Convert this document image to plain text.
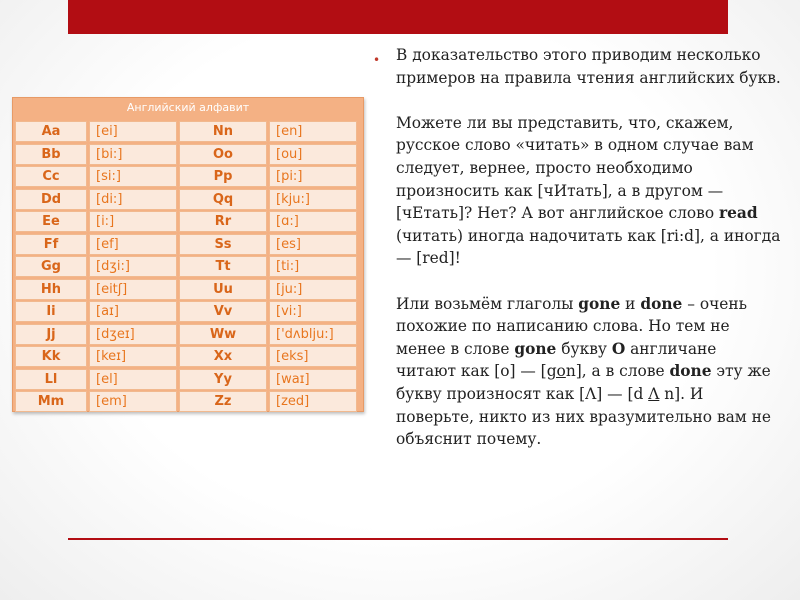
Английский алфавит
Aa	[ei]	Nn	[en]
Bb	[bi:]	Oo	[ou]
Cc	[si:]	Pp	[pi:]
Dd	[di:]	Qq	[kju:]
Ee	[i:]	Rr	[ɑ:]
Ff	[ef]	Ss	[es]
Gg	[dʒi:]	Tt	[ti:]
Hh	[eitʃ]	Uu	[ju:]
Ii	[aɪ]	Vv	[vi:]
Jj	[dʒeɪ]	Ww	['dʌblju:]
Kk	[keɪ]	Xx	[eks]
Ll	[el]	Yy	[waɪ]
Mm	[em]	Zz	[zed]
• В доказательство этого приводим несколько примеров на правила чтения английских букв.

Можете ли вы представить, что, скажем, русское слово «читать» в одном случае вам следует, вернее, просто необходимо произносить как [чИтать], а в другом — [чЕтать]? Нет? А вот английское слово read (читать) иногда надочитать как [ri:d], а иногда — [red]!

Или возьмём глаголы gone и done – очень похожие по написанию слова. Но тем не менее в слове gone букву O англичане читают как [o] — [gon], а в слове done эту же букву произносят как [Λ] — [d Λ n]. И поверьте, никто из них вразумительно вам не объяснит почему.
